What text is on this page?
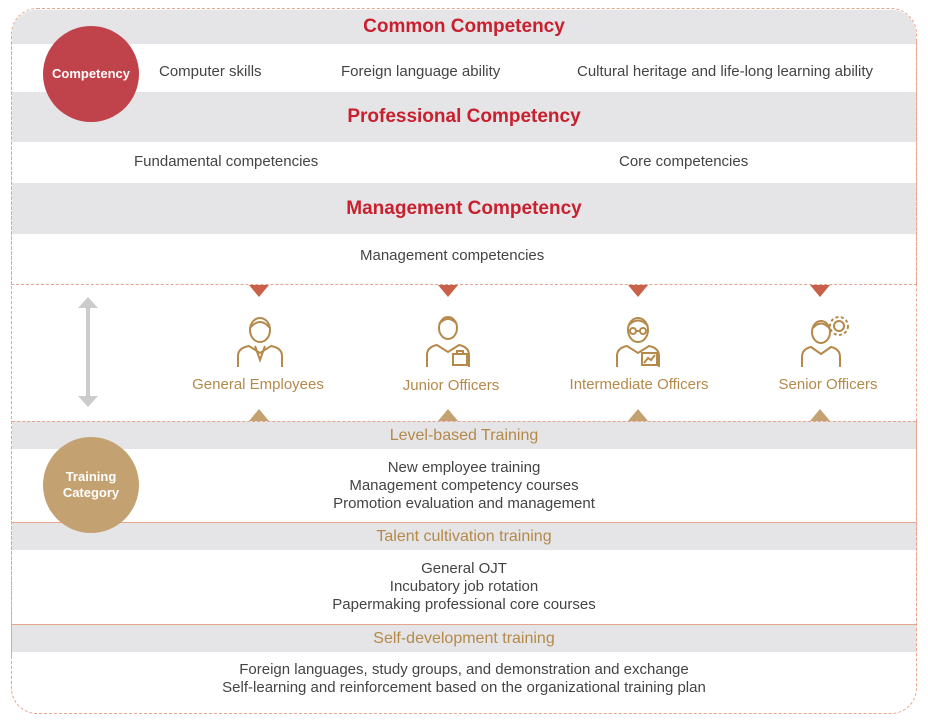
Common Competency
Computer skills	Foreign language ability	Cultural heritage and life-long learning ability
Professional Competency
Fundamental competencies	Core competencies
Management Competency
Management competencies
Competency
General Employees	Junior Officers	Intermediate Officers	Senior Officers
Level-based Training
New employee training
Management competency courses
Promotion evaluation and management
Talent cultivation training
General OJT
Incubatory job rotation
Papermaking professional core courses
Self-development training
Foreign languages, study groups, and demonstration and exchange
Self-learning and reinforcement based on the organizational training plan
Training
Category
